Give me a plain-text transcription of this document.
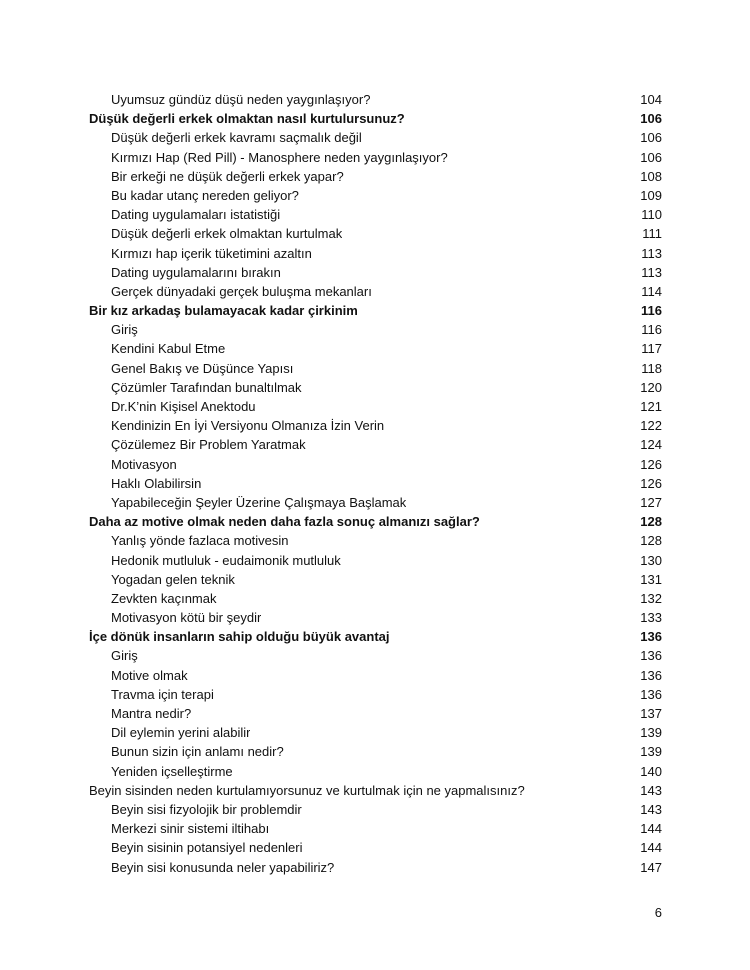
Uyumsuz gündüz düşü neden yaygınlaşıyor?	104
Düşük değerli erkek olmaktan nasıl kurtulursunuz?	106
Düşük değerli erkek kavramı saçmalık değil	106
Kırmızı Hap (Red Pill) - Manosphere neden yaygınlaşıyor?	106
Bir erkeği ne düşük değerli erkek yapar?	108
Bu kadar utanç nereden geliyor?	109
Dating uygulamaları istatistiği	110
Düşük değerli erkek olmaktan kurtulmak	111
Kırmızı hap içerik tüketimini azaltın	113
Dating uygulamalarını bırakın	113
Gerçek dünyadaki gerçek buluşma mekanları	114
Bir kız arkadaş bulamayacak kadar çirkinim	116
Giriş	116
Kendini Kabul Etme	117
Genel Bakış ve Düşünce Yapısı	118
Çözümler Tarafından bunaltılmak	120
Dr.K’nin Kişisel Anektodu	121
Kendinizin En İyi Versiyonu Olmanıza İzin Verin	122
Çözülemez Bir Problem Yaratmak	124
Motivasyon	126
Haklı Olabilirsin	126
Yapabileceğin Şeyler Üzerine Çalışmaya Başlamak	127
Daha az motive olmak neden daha fazla sonuç almanızı sağlar?	128
Yanlış yönde fazlaca motivesin	128
Hedonik mutluluk - eudaimonik mutluluk	130
Yogadan gelen teknik	131
Zevkten kaçınmak	132
Motivasyon kötü bir şeydir	133
İçe dönük insanların sahip olduğu büyük avantaj	136
Giriş	136
Motive olmak	136
Travma için terapi	136
Mantra nedir?	137
Dil eylemin yerini alabilir	139
Bunun sizin için anlamı nedir?	139
Yeniden içselleştirme	140
Beyin sisinden neden kurtulamıyorsunuz ve kurtulmak için ne yapmalısınız?	143
Beyin sisi fizyolojik bir problemdir	143
Merkezi sinir sistemi iltihabı	144
Beyin sisinin potansiyel nedenleri	144
Beyin sisi konusunda neler yapabiliriz?	147
6
